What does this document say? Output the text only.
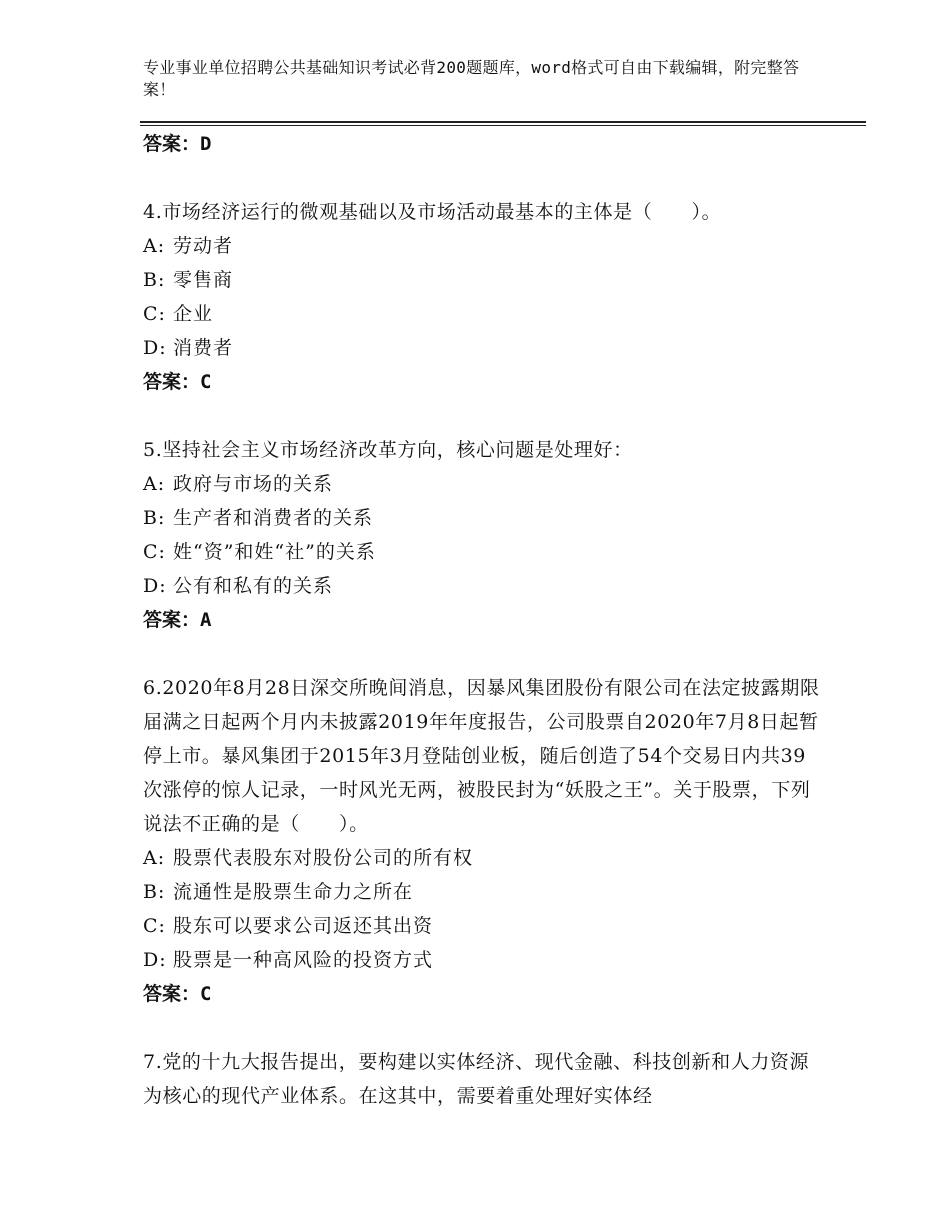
专业事业单位招聘公共基础知识考试必背200题题库，word格式可自由下载编辑，附完整答案！
答案：D
4.市场经济运行的微观基础以及市场活动最基本的主体是（　　）。
A: 劳动者
B: 零售商
C: 企业
D: 消费者
答案：C
5.坚持社会主义市场经济改革方向，核心问题是处理好：
A: 政府与市场的关系
B: 生产者和消费者的关系
C: 姓“资”和姓“社”的关系
D: 公有和私有的关系
答案：A
6.2020年8月28日深交所晚间消息，因暴风集团股份有限公司在法定披露期限届满之日起两个月内未披露2019年年度报告，公司股票自2020年7月8日起暂停上市。暴风集团于2015年3月登陆创业板，随后创造了54个交易日内共39次涨停的惊人记录，一时风光无两，被股民封为“妖股之王”。关于股票，下列说法不正确的是（　　）。
A: 股票代表股东对股份公司的所有权
B: 流通性是股票生命力之所在
C: 股东可以要求公司返还其出资
D: 股票是一种高风险的投资方式
答案：C
7.党的十九大报告提出，要构建以实体经济、现代金融、科技创新和人力资源为核心的现代产业体系。在这其中，需要着重处理好实体经
